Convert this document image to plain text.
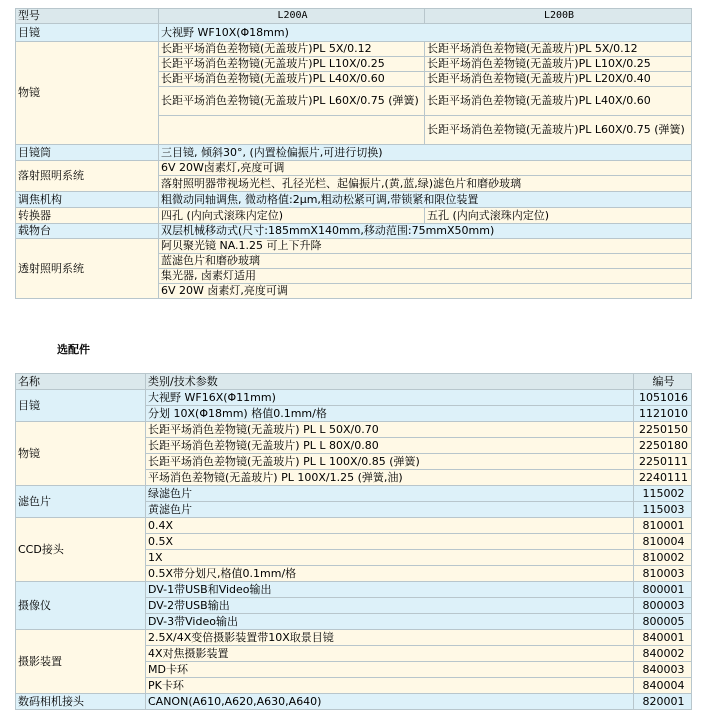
型号	L200A	L200B
目镜	大视野 WF10X(Φ18mm)	
物镜	长距平场消色差物镜(无盖玻片)PL 5X/0.12	长距平场消色差物镜(无盖玻片)PL 5X/0.12
	长距平场消色差物镜(无盖玻片)PL L10X/0.25	长距平场消色差物镜(无盖玻片)PL L10X/0.25
	长距平场消色差物镜(无盖玻片)PL L40X/0.60	长距平场消色差物镜(无盖玻片)PL L20X/0.40
	长距平场消色差物镜(无盖玻片)PL L60X/0.75 (弹簧)	长距平场消色差物镜(无盖玻片)PL L40X/0.60
		长距平场消色差物镜(无盖玻片)PL L60X/0.75 (弹簧)
目镜筒	三目镜, 倾斜30°, (内置检偏振片,可进行切换)	
落射照明系统	6V 20W卤素灯,亮度可调	
	落射照明器带视场光栏、孔径光栏、起偏振片,(黄,蓝,绿)滤色片和磨砂玻璃	
调焦机构	粗微动同轴调焦, 微动格值:2μm,粗动松紧可调,带锁紧和限位装置	
转换器	四孔 (内向式滚珠内定位)	五孔 (内向式滚珠内定位)
载物台	双层机械移动式(尺寸:185mmX140mm,移动范围:75mmX50mm)	
透射照明系统	阿贝聚光镜 NA.1.25 可上下升降	
	蓝滤色片和磨砂玻璃	
	集光器, 卤素灯适用	
	6V 20W 卤素灯,亮度可调	
选配件
名称	类别/技术参数	编号
目镜	大视野 WF16X(Φ11mm)	1051016
	分划 10X(Φ18mm) 格值0.1mm/格	1121010
物镜	长距平场消色差物镜(无盖玻片) PL L 50X/0.70	2250150
	长距平场消色差物镜(无盖玻片) PL L 80X/0.80	2250180
	长距平场消色差物镜(无盖玻片) PL L 100X/0.85 (弹簧)	2250111
	平场消色差物镜(无盖玻片) PL 100X/1.25 (弹簧,油)	2240111
滤色片	绿滤色片	115002
	黄滤色片	115003
CCD接头	0.4X	810001
	0.5X	810004
	1X	810002
	0.5X带分划尺,格值0.1mm/格	810003
摄像仪	DV-1带USB和Video输出	800001
	DV-2带USB输出	800003
	DV-3带Video输出	800005
摄影装置	2.5X/4X变倍摄影装置带10X取景目镜	840001
	4X对焦摄影装置	840002
	MD卡环	840003
	PK卡环	840004
数码相机接头	CANON(A610,A620,A630,A640)	820001
